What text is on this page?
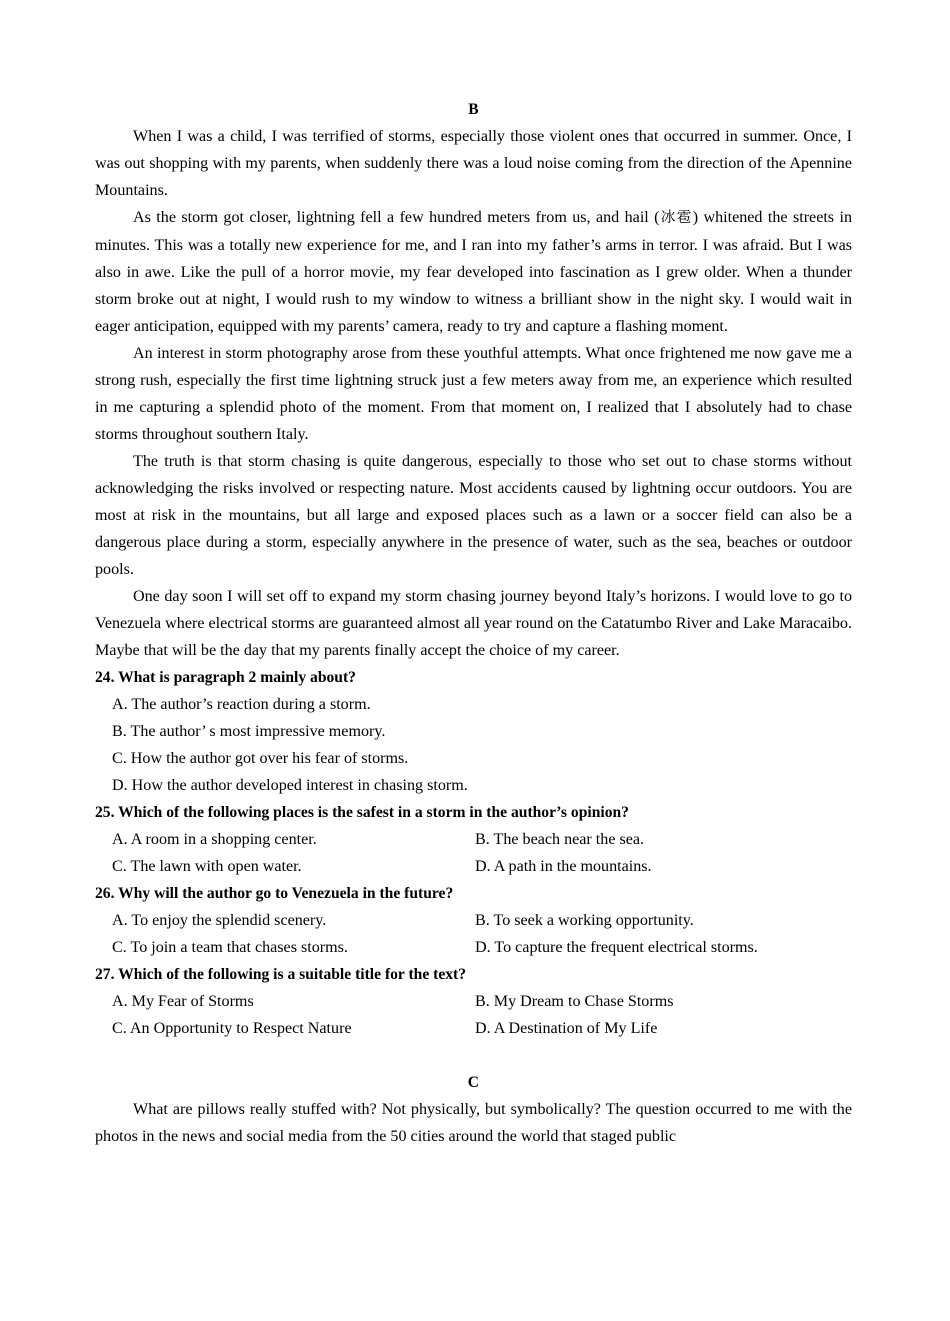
B

When I was a child, I was terrified of storms, especially those violent ones that occurred in summer. Once, I was out shopping with my parents, when suddenly there was a loud noise coming from the direction of the Apennine Mountains.

As the storm got closer, lightning fell a few hundred meters from us, and hail (冰雹) whitened the streets in minutes. This was a totally new experience for me, and I ran into my father’s arms in terror. I was afraid. But I was also in awe. Like the pull of a horror movie, my fear developed into fascination as I grew older. When a thunder storm broke out at night, I would rush to my window to witness a brilliant show in the night sky. I would wait in eager anticipation, equipped with my parents’ camera, ready to try and capture a flashing moment.

An interest in storm photography arose from these youthful attempts. What once frightened me now gave me a strong rush, especially the first time lightning struck just a few meters away from me, an experience which resulted in me capturing a splendid photo of the moment. From that moment on, I realized that I absolutely had to chase storms throughout southern Italy.

The truth is that storm chasing is quite dangerous, especially to those who set out to chase storms without acknowledging the risks involved or respecting nature. Most accidents caused by lightning occur outdoors. You are most at risk in the mountains, but all large and exposed places such as a lawn or a soccer field can also be a dangerous place during a storm, especially anywhere in the presence of water, such as the sea, beaches or outdoor pools.

One day soon I will set off to expand my storm chasing journey beyond Italy’s horizons. I would love to go to Venezuela where electrical storms are guaranteed almost all year round on the Catatumbo River and Lake Maracaibo. Maybe that will be the day that my parents finally accept the choice of my career.

24. What is paragraph 2 mainly about?

A. The author’s reaction during a storm.

B. The author’ s most impressive memory.

C. How the author got over his fear of storms.

D. How the author developed interest in chasing storm.

25. Which of the following places is the safest in a storm in the author’s opinion?

A. A room in a shopping center.	B. The beach near the sea.
C. The lawn with open water.	D. A path in the mountains.

26. Why will the author go to Venezuela in the future?

A. To enjoy the splendid scenery.	B. To seek a working opportunity.
C. To join a team that chases storms.	D. To capture the frequent electrical storms.

27. Which of the following is a suitable title for the text?

A. My Fear of Storms	B. My Dream to Chase Storms
C. An Opportunity to Respect Nature	D. A Destination of My Life
C

What are pillows really stuffed with? Not physically, but symbolically? The question occurred to me with the photos in the news and social media from the 50 cities around the world that staged public
